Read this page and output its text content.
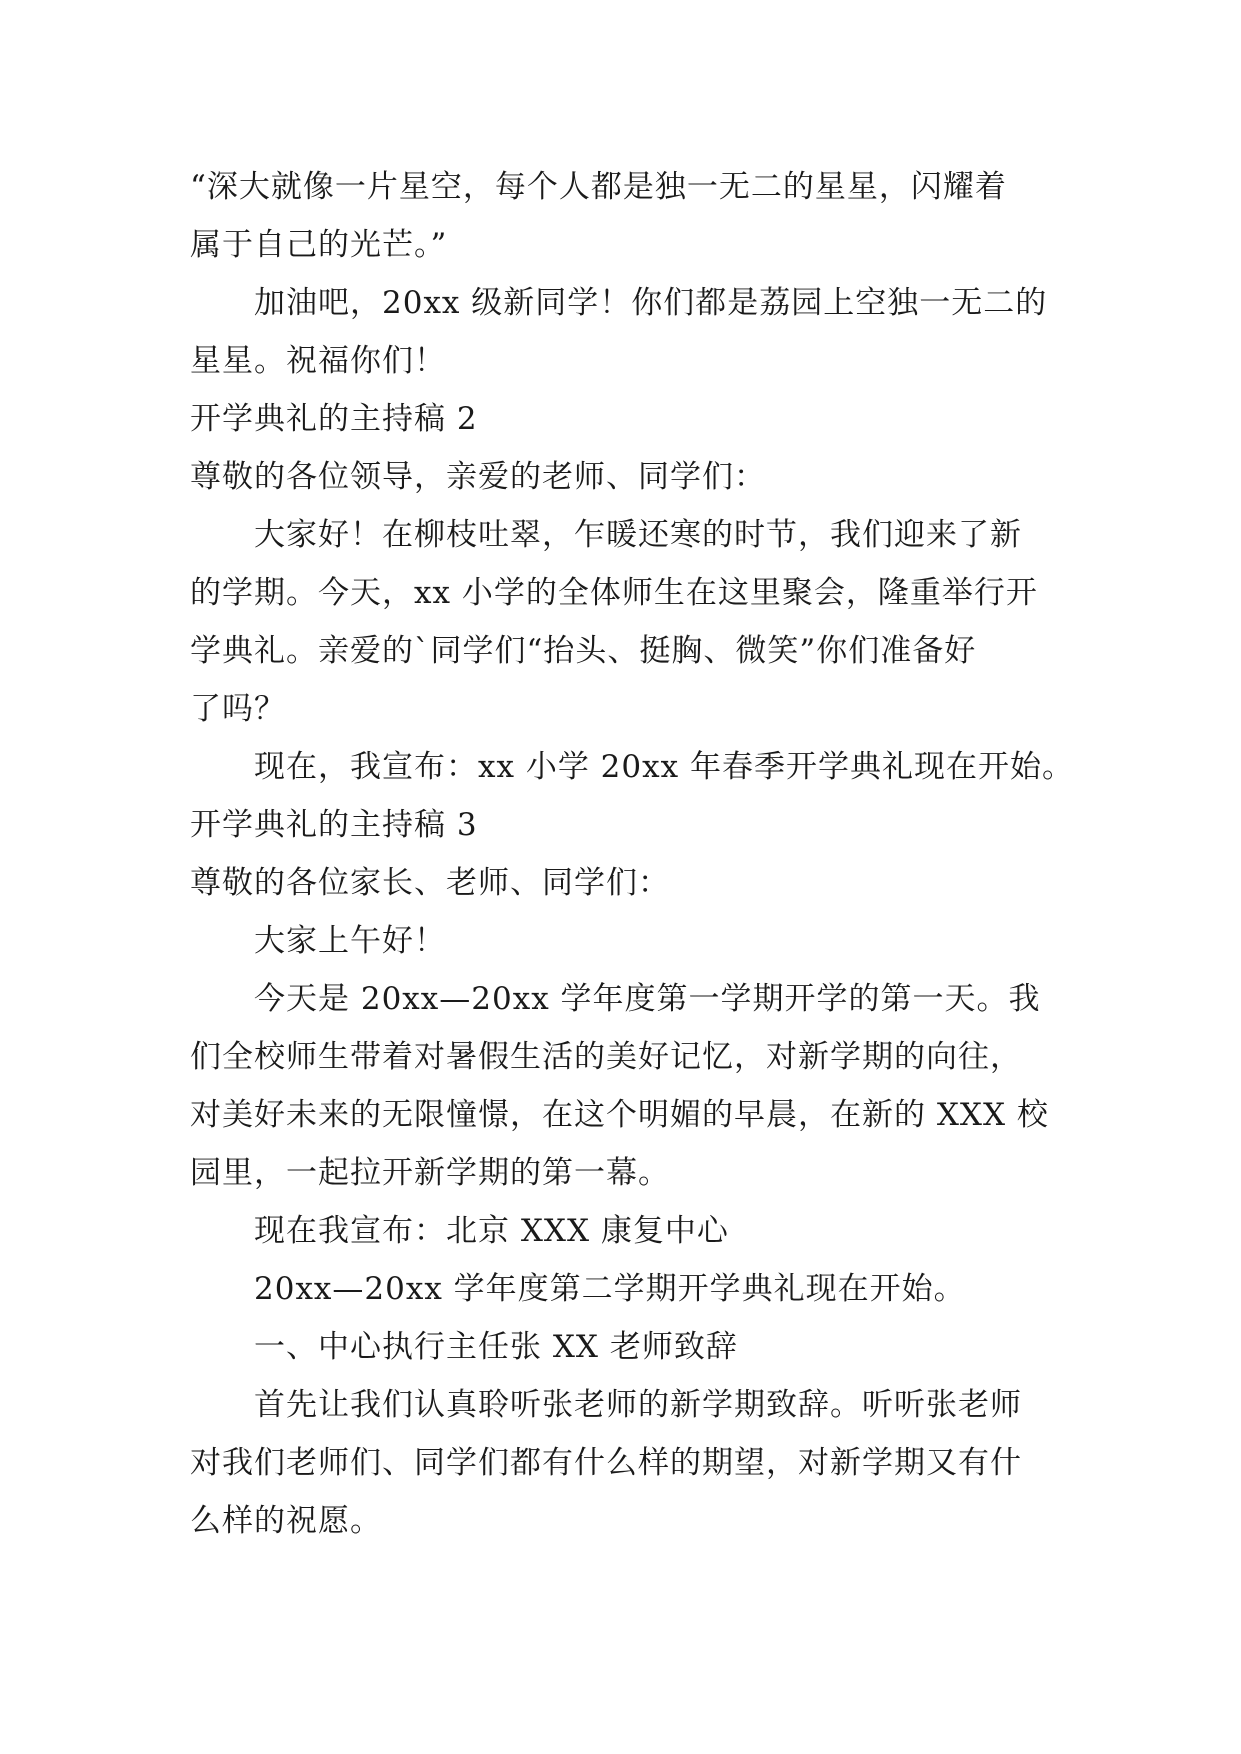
“深大就像一片星空，每个人都是独一无二的星星，闪耀着
属于自己的光芒。”
加油吧，20xx 级新同学！你们都是荔园上空独一无二的
星星。祝福你们！
开学典礼的主持稿 2
尊敬的各位领导，亲爱的老师、同学们：
大家好！在柳枝吐翠，乍暖还寒的时节，我们迎来了新
的学期。今天，xx 小学的全体师生在这里聚会，隆重举行开
学典礼。亲爱的`同学们“抬头、挺胸、微笑”你们准备好
了吗？
现在，我宣布：xx 小学 20xx 年春季开学典礼现在开始。
开学典礼的主持稿 3
尊敬的各位家长、老师、同学们：
大家上午好！
今天是 20xx—20xx 学年度第一学期开学的第一天。我
们全校师生带着对暑假生活的美好记忆，对新学期的向往，
对美好未来的无限憧憬，在这个明媚的早晨，在新的 XXX 校
园里，一起拉开新学期的第一幕。
现在我宣布：北京 XXX 康复中心
20xx—20xx 学年度第二学期开学典礼现在开始。
一、中心执行主任张 XX 老师致辞
首先让我们认真聆听张老师的新学期致辞。听听张老师
对我们老师们、同学们都有什么样的期望，对新学期又有什
么样的祝愿。
